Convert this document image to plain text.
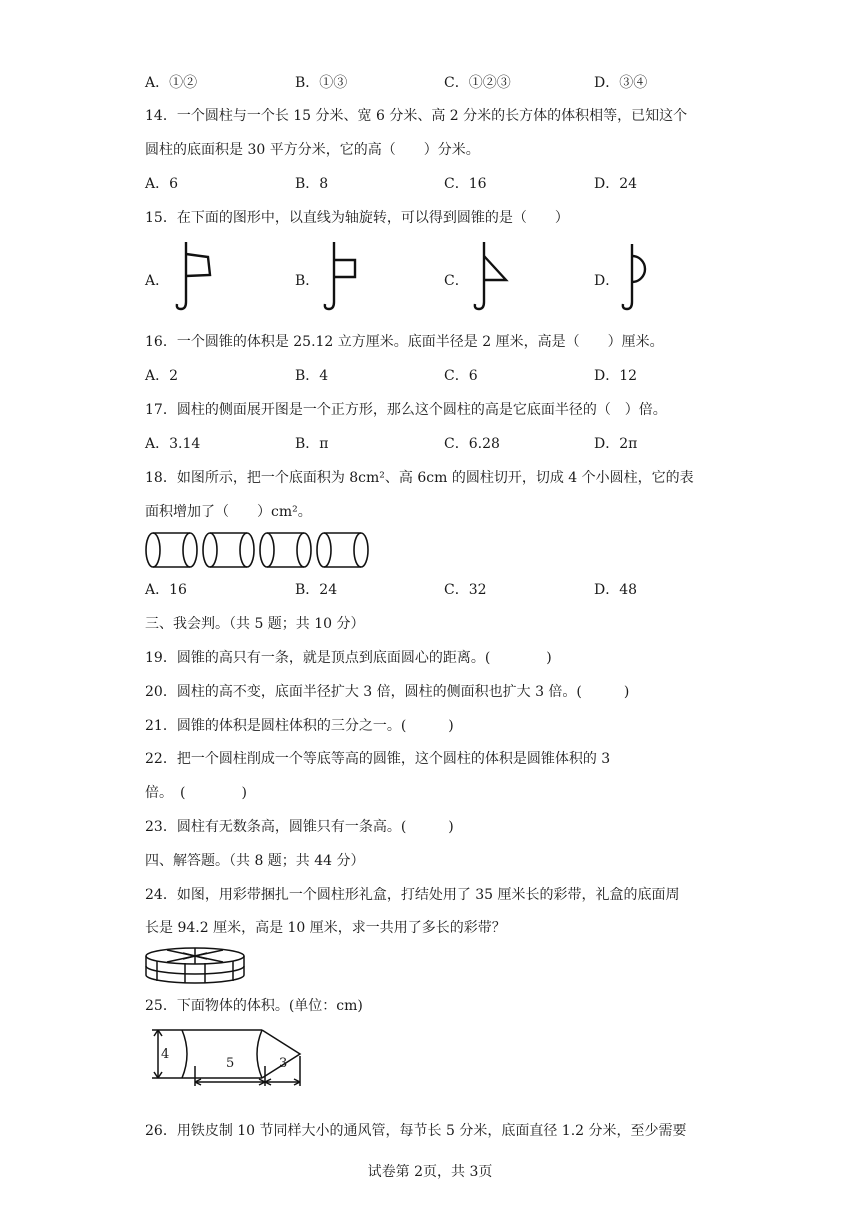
A．①②	B．①③	C．①②③	D．③④
14．一个圆柱与一个长 15 分米、宽 6 分米、高 2 分米的长方体的体积相等，已知这个
圆柱的底面积是 30 平方分米，它的高（　　）分米。
A．6	B．8	C．16	D．24
15．在下面的图形中，以直线为轴旋转，可以得到圆锥的是（　　）
A．	B．	C．	D．
16．一个圆锥的体积是 25.12 立方厘米。底面半径是 2 厘米，高是（　　）厘米。
A．2	B．4	C．6	D．12
17．圆柱的侧面展开图是一个正方形，那么这个圆柱的高是它底面半径的（　）倍。
A．3.14	B．π	C．6.28	D．2π
18．如图所示，把一个底面积为 8cm²、高 6cm 的圆柱切开，切成 4 个小圆柱，它的表
面积增加了（　　）cm²。
A．16	B．24	C．32	D．48
三、我会判。（共 5 题；共 10 分）
19．圆锥的高只有一条，就是顶点到底面圆心的距离。(　　　　)
20．圆柱的高不变，底面半径扩大 3 倍，圆柱的侧面积也扩大 3 倍。(　　　)
21．圆锥的体积是圆柱体积的三分之一。(　　　)
22．把一个圆柱削成一个等底等高的圆锥，这个圆柱的体积是圆锥体积的 3
倍。　(　　　　)
23．圆柱有无数条高，圆锥只有一条高。(　　　)
四、解答题。（共 8 题；共 44 分）
24．如图，用彩带捆扎一个圆柱形礼盒，打结处用了 35 厘米长的彩带，礼盒的底面周
长是 94.2 厘米，高是 10 厘米，求一共用了多长的彩带？
25．下面物体的体积。(单位：cm)
4
5	3
26．用铁皮制 10 节同样大小的通风管，每节长 5 分米，底面直径 1.2 分米，至少需要
试卷第 2页，共 3页
